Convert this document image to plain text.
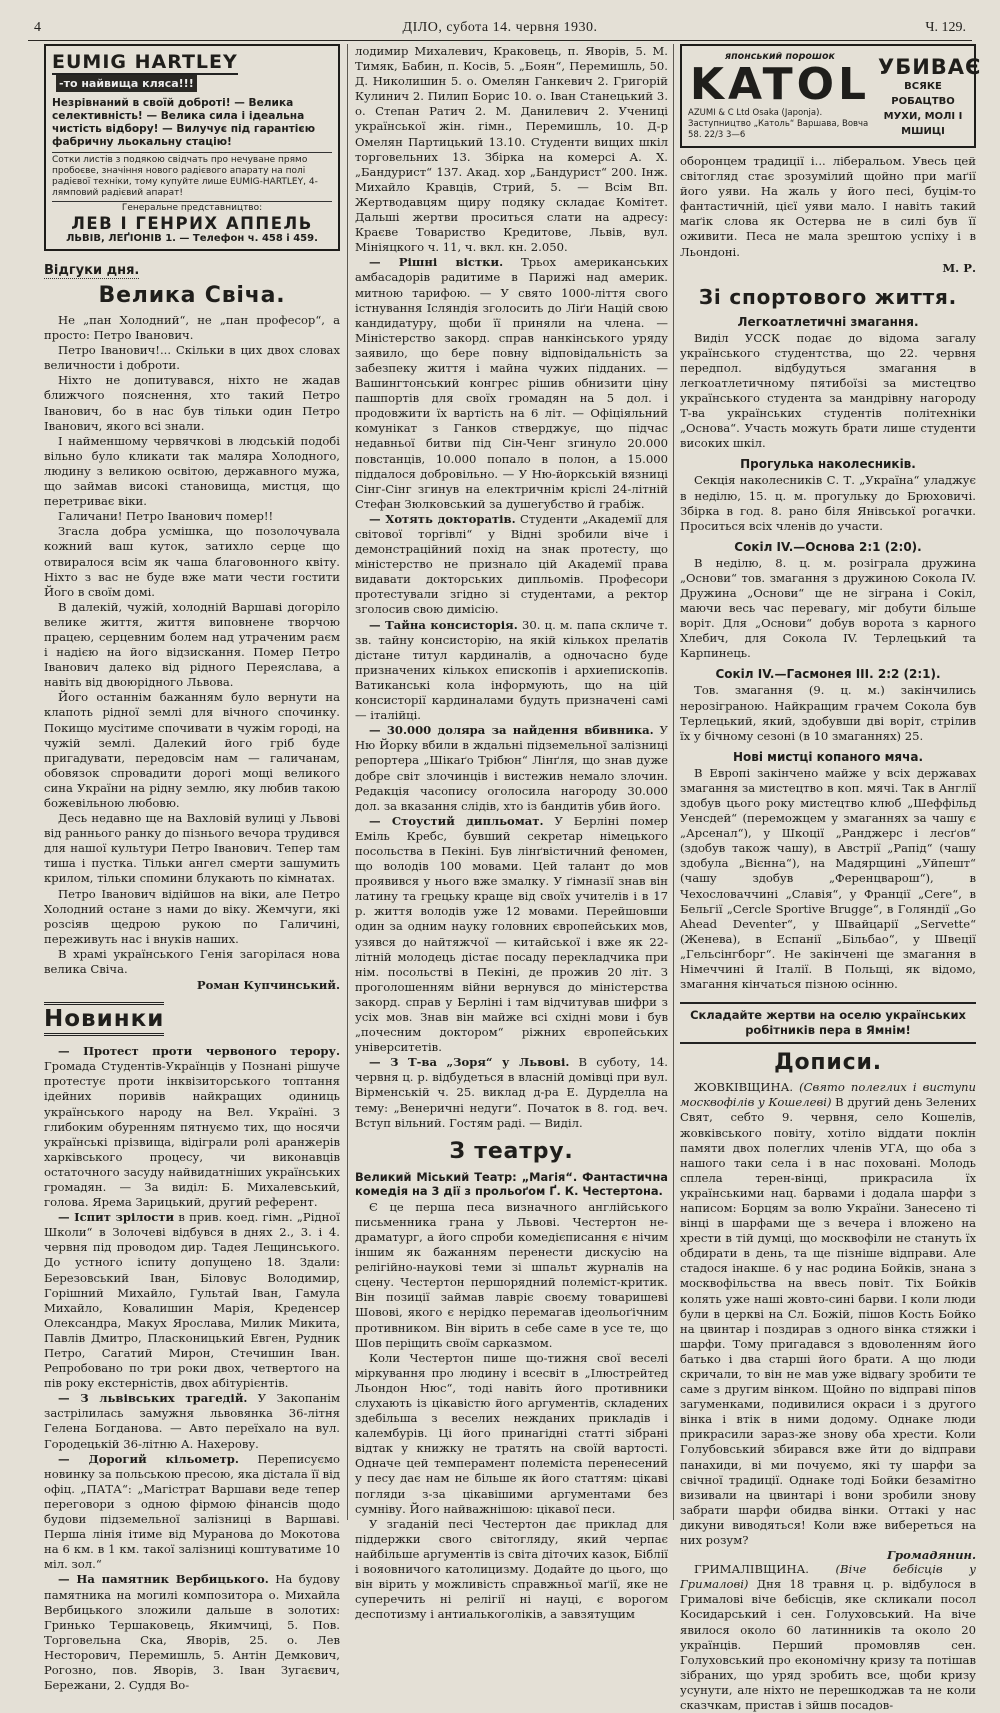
4	ДІЛО, субота 14. червня 1930.	Ч. 129.
EUMIG HARTLEY-то найвища кляса!!!
Незрівнаний в своїй доброті! — Велика селективність! — Велика сила і ідеальна чистість відбору! — Вилучує під гарантією фабричну льокальну стацію!
Сотки листів з подякою свідчать про нечуване прямо пробоєве, значіння нового радієвого апарату на полі радієвої техніки, тому купуйте лише EUMIG-HARTLEY, 4-лямповий радієвий апарат!
Генеральне представництво:
ЛЕВ І ГЕНРИХ АППЕЛЬ
ЛЬВІВ, ЛЕҐІОНІВ 1. — Телефон ч. 458 і 459.
Відгуки дня.
Велика Свіча.

Не „пан Холодний“, не „пан професор“, а просто: Петро Іванович.

Петро Іванович!... Скільки в цих двох словах величности і доброти.

Ніхто не допитувався, ніхто не жадав ближчого пояснення, хто такий Петро Іванович, бо в нас був тільки один Петро Іванович, якого всі знали.

І найменшому червячкові в людській подобі вільно було кликати так маляра Холодного, людину з великою освітою, державного мужа, що займав високі становища, мистця, що перетриває віки.

Галичани! Петро Іванович помер!!

Згасла добра усмішка, що позолочувала кожний ваш куток, затихло серце що отвиралося всім як чаша благовонного квіту. Ніхто з вас не буде вже мати чести гостити Його в своїм домі.

В далекій, чужій, холодній Варшаві догоріло велике життя, життя виповнене творчою працею, серцевним болем над утраченим раєм і надією на його відзискання. Помер Петро Іванович далеко від рідного Переяслава, а навіть від двоюрідного Львова.

Його останнім бажанням було вернути на клапоть рідної землі для вічного спочинку. Покищо мусітиме спочивати в чужім городі, на чужій землі. Далекий його гріб буде пригадувати, передовсім нам — галичанам, обовязок спровадити дорогі мощі великого сина України на рідну землю, яку любив такою божевільною любовю.

Десь недавно ще на Вахловій вулиці у Львові від раннього ранку до пізнього вечора трудився для нашої культури Петро Іванович. Тепер там тиша і пустка. Тільки ангел смерти зашумить крилом, тільки спомини блукають по кімнатах.

Петро Іванович відійшов на віки, але Петро Холодний остане з нами до віку. Жемчуги, які розсіяв щедрою рукою по Галичині, переживуть нас і внуків наших.

В храмі українського Генія загорілася нова велика Свіча.

Роман Купчинський.
Новинки

— Протест проти червоного терору. Громада Студентів-Українців у Познані рішуче протестує проти інквізиторського топтання ідейних поривів найкращих одиниць українського народу на Вел. Україні. З глибоким обуренням пятнуємо тих, що носячи українські прізвища, відіграли ролі аранжерів харківського процесу, чи виконавців остаточного засуду найвидатніших українських громадян. — За виділ: Б. Михалевський, голова. Ярема Зарицький, другий референт.

— Іспит зрілости в прив. коед. гімн. „Рідної Школи“ в Золочеві відбувся в днях 2., 3. і 4. червня під проводом дир. Тадея Лещинського. До устного іспиту допущено 18. Здали: Березовський Іван, Біловус Володимир, Горішний Михайло, Гультай Іван, Гамула Михайло, Ковалишин Марія, Креденсер Олександра, Макух Ярослава, Милик Микита, Павлів Дмитро, Пласконицький Евген, Рудник Петро, Сагатий Мирон, Стечишин Іван. Репробовано по три роки двох, четвертого на пів року екстерністів, двох абітурієнтів.

— З львівських трагедій. У Закопанім застрілилась замужня львовянка 36-літня Гелена Богданова. — Авто переїхало на вул. Городецькій 36-літню А. Нахерову.

— Дорогий кільометр. Переписуємо новинку за польською пресою, яка дістала її від офіц. „ПАТА“: „Магістрат Варшави веде тепер переговори з одною фірмою фінансів щодо будови підземельної залізниці в Варшаві. Перша лінія ітиме від Муранова до Мокотова на 6 км. в 1 км. такої залізниці коштуватиме 10 міл. зол.“

— На памятник Вербицького. На будову памятника на могилі композитора о. Михайла Вербицького зложили дальше в золотих: Гринько Тершаковець, Якимчиці, 5. Пов. Торговельна Ска, Яворів, 25. о. Лев Несторович, Перемишль, 5. Антін Демкович, Рогозно, пов. Яворів, 3. Іван Зугаєвич, Бережани, 2. Суддя Во-

лодимир Михалевич, Краковець, п. Яворів, 5. М. Тимяк, Бабин, п. Косів, 5. „Боян“, Перемишль, 50. Д. Николишин 5. о. Омелян Ганкевич 2. Григорій Кулинич 2. Пилип Борис 10. о. Іван Станецький 3. о. Степан Ратич 2. М. Данилевич 2. Учениці української жін. гімн., Перемишль, 10. Д-р Омелян Партицький 13.10. Студенти вищих шкіл торговельних 13. Збірка на комерсі А. Х. „Бандурист“ 137. Акад. хор „Бандурист“ 200. Інж. Михайло Кравців, Стрий, 5. — Всім Вп. Жертводавцям щиру подяку складає Комітет. Дальші жертви проситься слати на адресу: Краєве Товариство Кредитове, Львів, вул. Мініяцкого ч. 11, ч. вкл. кн. 2.050.

— Рішні вістки. Трьох американських амбасадорів радитиме в Парижі над америк. митною тарифою. — У свято 1000-ліття свого істнування Ісляндія зголосить до Ліґи Націй свою кандидатуру, щоби її приняли на члена. — Міністерство закорд. справ нанкінського уряду заявило, що бере повну відповідальність за забезпеку життя і майна чужих підданих. — Вашингтонський конгрес рішив обнизити ціну пашпортів для своїх громадян на 5 дол. і продовжити їх вартість на 6 літ. — Офіціяльний комунікат з Ганков стверджує, що підчас недавньої битви під Сін-Ченг згинуло 20.000 повстанців, 10.000 попало в полон, а 15.000 піддалося добровільно. — У Ню-йоркській вязниці Сінг-Сінг згинув на електричнім кріслі 24-літній Стефан Зюлковський за душегубство й грабіж.

— Хотять докторатів. Студенти „Академії для світової торгівлі“ у Відні зробили віче і демонстраційний похід на знак протесту, що міністерство не признало цій Академії права видавати докторських дипльомів. Професори протестували згідно зі студентами, а ректор зголосив свою димісію.

— Тайна консисторія. 30. ц. м. папа скличе т. зв. тайну консисторію, на якій кількох прелатів дістане титул кардиналів, а одночасно буде призначених кількох епископів і архиепископів. Ватиканські кола інформують, що на цій консисторії кардиналами будуть призначені самі — італійці.

— 30.000 доляра за найдення вбивника. У Ню Йорку вбили в ждальні підземельної залізниці репортера „Шікаґо Трібюн“ Лінґля, що знав дуже добре світ злочинців і вистежив немало злочин. Редакція часопису оголосила нагороду 30.000 дол. за вказання слідів, хто із бандитів убив його.

— Стоустий дипльомат. У Берліні помер Еміль Кребс, бувший секретар німецького посольства в Пекіні. Був лінґвістичний феномен, що володів 100 мовами. Цей талант до мов проявився у нього вже змалку. У ґімназії знав він латину та грецьку краще від своїх учителів і в 17 р. життя володів уже 12 мовами. Перейшовши один за одним науку головних європейських мов, узявся до найтяжчої — китайської і вже як 22-літній молодець дістає посаду перекладчика при нім. посольстві в Пекіні, де прожив 20 літ. З проголошенням війни вернувся до міністерства закорд. справ у Берліні і там відчитував шифри з усіх мов. Знав він майже всі східні мови і був „почесним доктором“ ріжних європейських університетів.

— З Т-ва „Зоря“ у Львові. В суботу, 14. червня ц. р. відбудеться в власній домівці при вул. Вірменській ч. 25. виклад д-ра Е. Дурделла на тему: „Венеричні недуги“. Початок в 8. год. веч. Вступ вільний. Гостям раді. — Виділ.

З театру.
Великий Міський Театр: „Магія“. Фантастична комедія на 3 дії з прольоґом Ґ. К. Честертона.

Є це перша песа визначного англійського письменника грана у Львові. Честертон не-драматург, а його спроби комедієписання є нічим іншим як бажанням перенести дискусію на релігійно-наукові теми зі шпальт журналів на сцену. Честертон першорядний полеміст-критик. Він позиції займав лавріє своєму товаришеві Шовові, якого є нерідко перемагав ідеольоґічним противником. Він вірить в себе саме в усе те, що Шов періщить своїм сарказмом.

Коли Честертон пише що-тижня свої веселі міркування про людину і всесвіт в „Ілюстрейтед Льондон Нюс“, тоді навіть його противники слухають із цікавістю його аргументів, складених здебільша з веселих нежданих прикладів і калембурів. Ці його принагідні статті зібрані відтак у книжку не тратять на своїй вартості. Одначе цей темперамент полеміста перенесений у песу дає нам не більше як його статтям: цікаві погляди з-за цікавішими аргументами без сумніву. Його найважнішою: цікавої песи.

У згаданій песі Честертон дає приклад для піддержки свого світогляду, який черпає найбільше аргументів із світа діточих казок, Біблії і вояовничого католицизму. Додайте до цього, що він вірить у можливість справжньої маґії, яке не суперечить ні релігії ні науці, є ворогом деспотизму і антиалькоголіків, а завзятущим

японський порошок
KATOL
AZUMI & C Ltd Osaka (Japonja). Заступництво „Католь“ Варшава, Вовча 58. 22/3 3—6
УБИВАЄ
ВСЯКЕ РОБАЦТВО
МУХИ, МОЛІ І МШИЦІ

оборонцем традиції і... ліберальом. Увесь цей світогляд стає зрозумілий щойно при маґії його уяви. На жаль у його песі, буцім-то фантастичній, цієї уяви мало. І навіть такий маґік слова як Остерва не в силі був її оживити. Песа не мала зрештою успіху і в Льондоні.

М. Р.
Зі спортового життя.
Легкоатлетичні змагання.

Виділ УССК подає до відома загалу українського студентства, що 22. червня передпол. відбудуться змагання в легкоатлетичному пятибоїзі за мистецтво українського студента за мандрівну нагороду Т-ва українських студентів політехніки „Основа“. Участь можуть брати лише студенти високих шкіл.

Прогулька наколесників.

Секція наколесників С. Т. „Україна“ уладжує в неділю, 15. ц. м. прогульку до Брюховичі. Збірка в год. 8. рано біля Янівської рогачки. Проситься всіх членів до участи.

Сокіл IV.—Основа 2:1 (2:0).

В неділю, 8. ц. м. розіграла дружина „Основи“ тов. змагання з дружиною Сокола IV. Дружина „Основи“ ще не зіграна і Сокіл, маючи весь час перевагу, міг добути більше воріт. Для „Основи“ добув ворота з карного Хлебич, для Сокола IV. Терлецький та Карпинець.

Сокіл IV.—Гасмонея III. 2:2 (2:1).

Тов. змагання (9. ц. м.) закінчились нерозіграною. Найкращим грачем Сокола був Терлецький, який, здобувши дві воріт, стрілив їх у бічному сезоні (в 10 змаганнях) 25.

Нові мистці копаного мяча.

В Европі закінчено майже у всіх державах змагання за мистецтво в коп. мячі. Так в Англії здобув цього року мистецтво клюб „Шеффільд Уенсдей“ (переможцем у змаганнях за чашу є „Арсенал“), у Шкоції „Ранджерс і лесґов“ (здобув також чашу), в Австрії „Рапід“ (чашу здобула „Вієнна“), на Мадярщині „Уйпешт“ (чашу здобув „Ференцварош“), в Чехословаччині „Славія“, у Франції „Cere“, в Бельгії „Cercle Sportive Brugge“, в Голяндії „Go Ahead Deventer“, у Швайцарії „Servette“ (Женева), в Еспанії „Більбао“, у Швеції „Гельсінгборг“. Не закінчені ще змагання в Німеччині й Італії. В Польщі, як відомо, змагання кінчаться пізною осінню.

Складайте жертви на оселю українських робітників пера в Ямнім!
Дописи.

ЖОВКІВЩИНА. (Свято полеглих і виступи москвофілів у Кошелеві) В другий день Зелених Свят, себто 9. червня, село Кошелів, жовківського повіту, хотіло віддати поклін памяти двох полеглих членів УГА, що оба з нашого таки села і в нас поховані. Молодь сплела терен-вінці, прикрасила їх українськими нац. барвами і додала шарфи з написом: Борцям за волю України. Занесено ті вінці в шарфами ще з вечера і вложено на хрести в тій думці, що москвофіли не стануть їх обдирати в день, та ще пізніше відправи. Але стадося інакше. 6 у нас родина Бойків, знана з москвофільства на ввесь повіт. Тіх Бойків колять уже наші жовто-сині барви. І коли люди були в церкві на Сл. Божій, пішов Кость Бойко на цвинтар і поздирав з одного вінка стяжки і шарфи. Тому пригадався з вдоволенням його батько і два старші його брати. А що люди скричали, то він не мав уже відвагу зробити те саме з другим вінком. Щойно по відправі піпов загуменками, подивилися окраси і з другого вінка і втік в ними додому. Однаке люди прикрасили зараз-же знову оба хрести. Коли Голубовський збирався вже йти до відправи панахиди, ві ми почуємо, які ту шарфи за свічної традиції. Однаке тоді Бойки безамітно визивали на цвинтарі і вони зробили знову забрати шарфи обидва вінки. Оттакі у нас дикуни виводяться! Коли вже вибереться на них розум?

Громадянин.

ГРИМАЛІВЩИНА. (Віче бебісців у Грималові) Дня 18 травня ц. р. відбулося в Грималові віче бебісців, яке скликали посол Косидарський і сен. Голуховський. На віче явилося около 60 латинників та около 20 українців. Перший промовляв сен. Голуховський про економічну кризу та потішав зібраних, що уряд зробить все, щоби кризу усунути, але ніхто не перешкоджав та не коли сказчкам, пристав і зйшв посадов-
